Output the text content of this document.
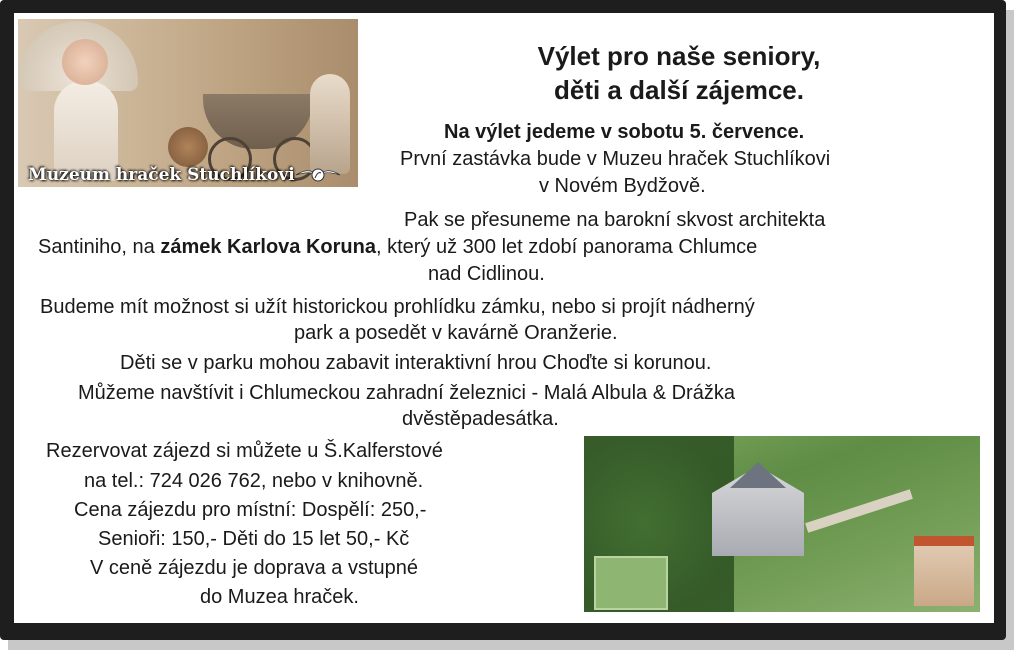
Muzeum hraček Stuchlíkovi
Výlet pro naše seniory,
děti a další zájemce.
Na výlet jedeme v sobotu 5. července.
První zastávka bude v Muzeu hraček Stuchlíkovi
v Novém Bydžově.
Pak se přesuneme na barokní skvost architekta
Santiniho, na zámek Karlova Koruna, který už 300 let zdobí panorama Chlumce
nad Cidlinou.
Budeme mít možnost si užít historickou prohlídku zámku, nebo si projít nádherný
park a posedět v kavárně Oranžerie.
Děti se v parku mohou zabavit interaktivní hrou Choďte si korunou.
Můžeme navštívit i Chlumeckou zahradní železnici - Malá Albula & Drážka
dvěstěpadesátka.
Rezervovat zájezd si můžete u Š.Kalferstové
na tel.: 724 026 762, nebo v knihovně.
Cena zájezdu pro místní: Dospělí: 250,-
Senioři: 150,- Děti do 15 let 50,- Kč
V ceně zájezdu je doprava a vstupné
do Muzea hraček.
